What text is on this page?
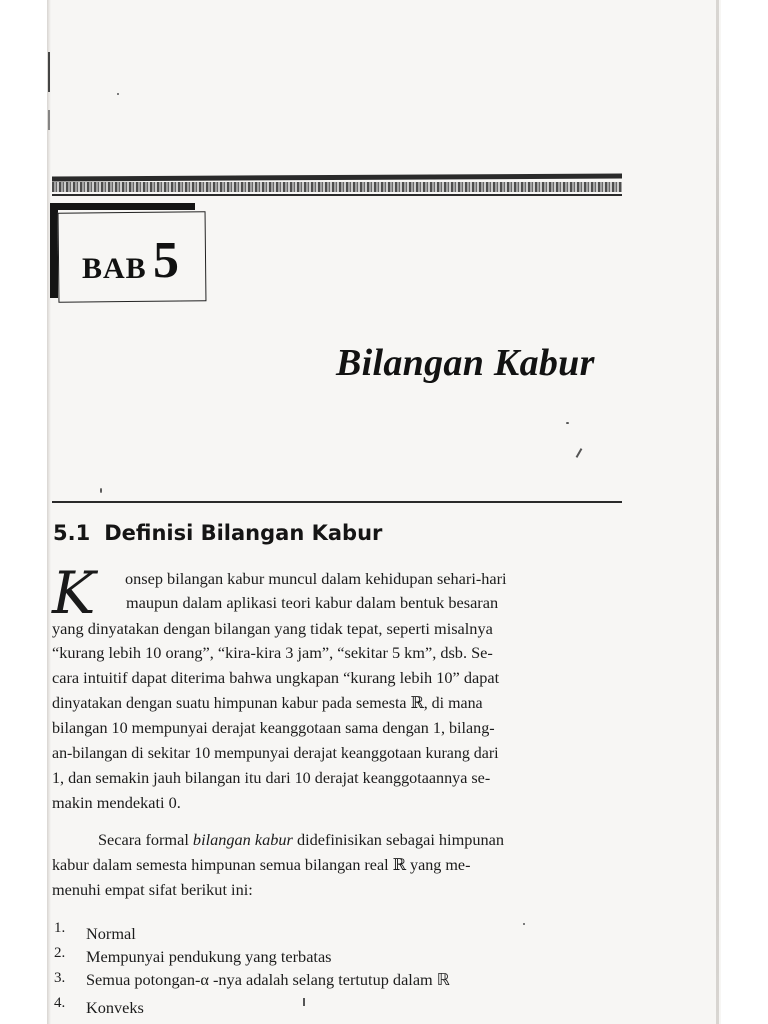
BAB 5
Bilangan Kabur
5.1 Definisi Bilangan Kabur
K onsep bilangan kabur muncul dalam kehidupan sehari-hari
maupun dalam aplikasi teori kabur dalam bentuk besaran
yang dinyatakan dengan bilangan yang tidak tepat, seperti misalnya
“kurang lebih 10 orang”, “kira-kira 3 jam”, “sekitar 5 km”, dsb. Se-
cara intuitif dapat diterima bahwa ungkapan “kurang lebih 10” dapat
dinyatakan dengan suatu himpunan kabur pada semesta ℝ, di mana
bilangan 10 mempunyai derajat keanggotaan sama dengan 1, bilang-
an-bilangan di sekitar 10 mempunyai derajat keanggotaan kurang dari
1, dan semakin jauh bilangan itu dari 10 derajat keanggotaannya se-
makin mendekati 0.
Secara formal bilangan kabur didefinisikan sebagai himpunan
kabur dalam semesta himpunan semua bilangan real ℝ yang me-
menuhi empat sifat berikut ini:
1. Normal
2. Mempunyai pendukung yang terbatas
3. Semua potongan-α -nya adalah selang tertutup dalam ℝ
4. Konveks
